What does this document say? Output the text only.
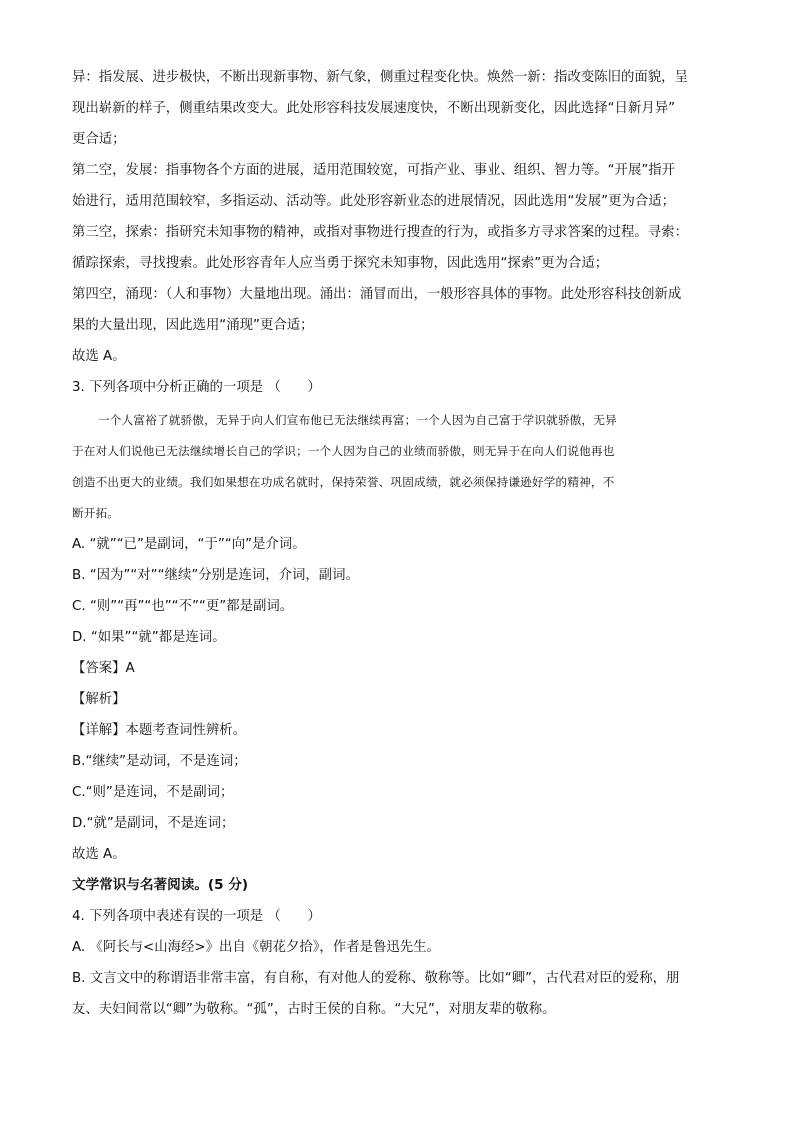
异：指发展、进步极快，不断出现新事物、新气象，侧重过程变化快。焕然一新：指改变陈旧的面貌，呈

现出崭新的样子，侧重结果改变大。此处形容科技发展速度快，不断出现新变化，因此选择“日新月异”

更合适；

第二空，发展：指事物各个方面的进展，适用范围较宽，可指产业、事业、组织、智力等。“开展”指开

始进行，适用范围较窄，多指运动、活动等。此处形容新业态的进展情况，因此选用“发展”更为合适；

第三空，探索：指研究未知事物的精神，或指对事物进行搜查的行为，或指多方寻求答案的过程。寻索：

循踪探索，寻找搜索。此处形容青年人应当勇于探究未知事物，因此选用“探索”更为合适；

第四空，涌现：（人和事物）大量地出现。涌出：涌冒而出，一般形容具体的事物。此处形容科技创新成

果的大量出现，因此选用“涌现”更合适；

故选 A。

3. 下列各项中分析正确的一项是 （　　）

一个人富裕了就骄傲，无异于向人们宣布他已无法继续再富；一个人因为自己富于学识就骄傲，无异

于在对人们说他已无法继续增长自己的学识；一个人因为自己的业绩而骄傲，则无异于在向人们说他再也

创造不出更大的业绩。我们如果想在功成名就时，保持荣誉、巩固成绩，就必须保持谦逊好学的精神，不

断开拓。

A. “就”“已”是副词，“于”“向”是介词。

B. “因为”“对”“继续”分别是连词，介词，副词。

C. “则”“再”“也”“不”“更”都是副词。

D. “如果”“就”都是连词。

【答案】A

【解析】

【详解】本题考查词性辨析。

B.“继续”是动词，不是连词；

C.“则”是连词，不是副词；

D.“就”是副词，不是连词；

故选 A。

文学常识与名著阅读。(5 分)

4. 下列各项中表述有误的一项是 （　　）

A. 《阿长与<山海经>》出自《朝花夕拾》，作者是鲁迅先生。

B. 文言文中的称谓语非常丰富，有自称，有对他人的爱称、敬称等。比如“卿”，古代君对臣的爱称，朋

友、夫妇间常以“卿”为敬称。“孤”，古时王侯的自称。“大兄”，对朋友辈的敬称。
